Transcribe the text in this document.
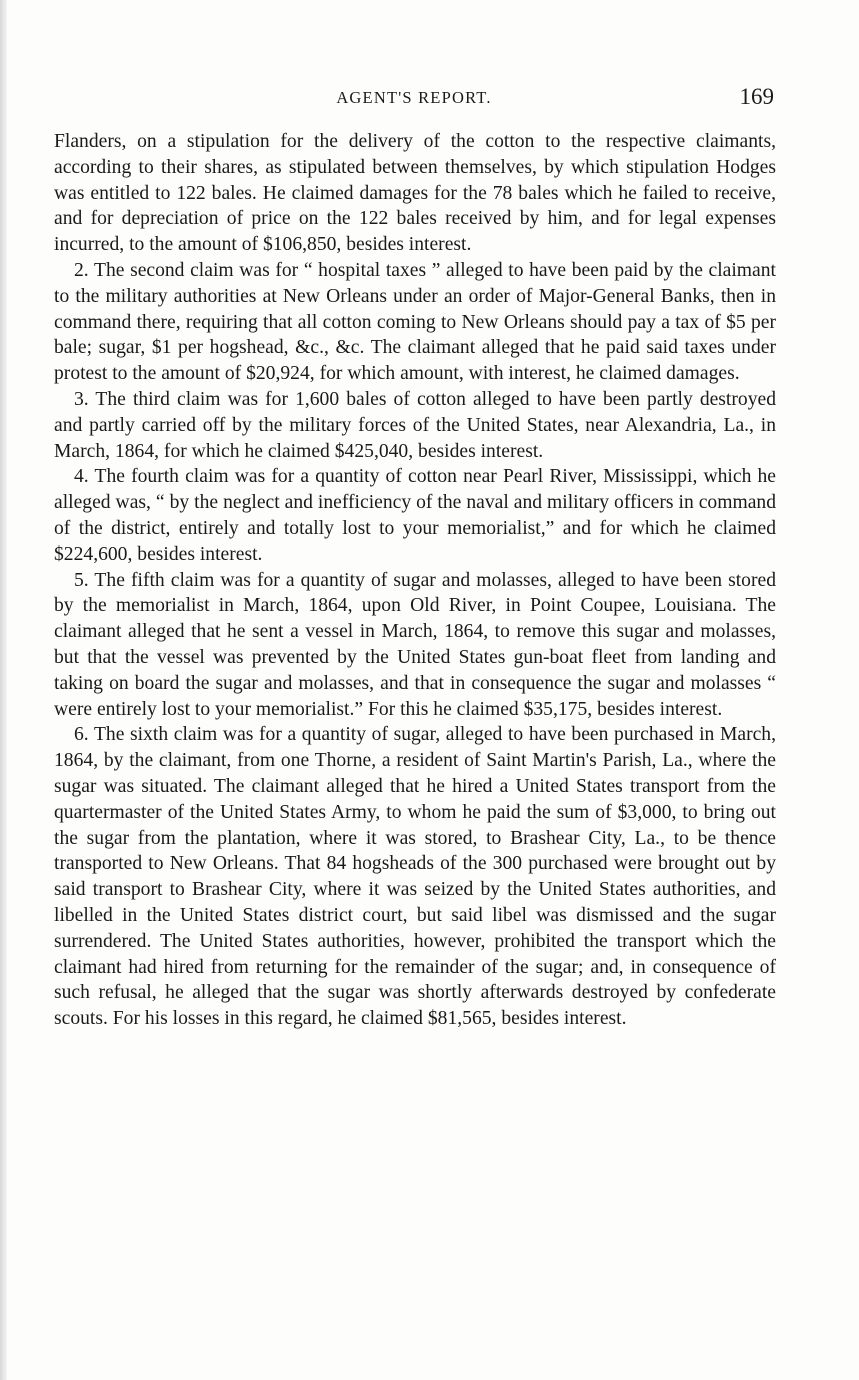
AGENT'S REPORT.	169

Flanders, on a stipulation for the delivery of the cotton to the respective claimants, according to their shares, as stipulated between themselves, by which stipulation Hodges was entitled to 122 bales. He claimed damages for the 78 bales which he failed to receive, and for depreciation of price on the 122 bales received by him, and for legal expenses incurred, to the amount of $106,850, besides interest.

2. The second claim was for “ hospital taxes ” alleged to have been paid by the claimant to the military authorities at New Orleans under an order of Major-General Banks, then in command there, requiring that all cotton coming to New Orleans should pay a tax of $5 per bale; sugar, $1 per hogshead, &c., &c. The claimant alleged that he paid said taxes under protest to the amount of $20,924, for which amount, with interest, he claimed damages.

3. The third claim was for 1,600 bales of cotton alleged to have been partly destroyed and partly carried off by the military forces of the United States, near Alexandria, La., in March, 1864, for which he claimed $425,040, besides interest.

4. The fourth claim was for a quantity of cotton near Pearl River, Mississippi, which he alleged was, “ by the neglect and inefficiency of the naval and military officers in command of the district, entirely and totally lost to your memorialist,” and for which he claimed $224,600, besides interest.

5. The fifth claim was for a quantity of sugar and molasses, alleged to have been stored by the memorialist in March, 1864, upon Old River, in Point Coupee, Louisiana. The claimant alleged that he sent a vessel in March, 1864, to remove this sugar and molasses, but that the vessel was prevented by the United States gun-boat fleet from landing and taking on board the sugar and molasses, and that in consequence the sugar and molasses “ were entirely lost to your memorialist.” For this he claimed $35,175, besides interest.

6. The sixth claim was for a quantity of sugar, alleged to have been purchased in March, 1864, by the claimant, from one Thorne, a resident of Saint Martin's Parish, La., where the sugar was situated. The claimant alleged that he hired a United States transport from the quartermaster of the United States Army, to whom he paid the sum of $3,000, to bring out the sugar from the plantation, where it was stored, to Brashear City, La., to be thence transported to New Orleans. That 84 hogsheads of the 300 purchased were brought out by said transport to Brashear City, where it was seized by the United States authorities, and libelled in the United States district court, but said libel was dismissed and the sugar surrendered. The United States authorities, however, prohibited the transport which the claimant had hired from returning for the remainder of the sugar; and, in consequence of such refusal, he alleged that the sugar was shortly afterwards destroyed by confederate scouts. For his losses in this regard, he claimed $81,565, besides interest.
